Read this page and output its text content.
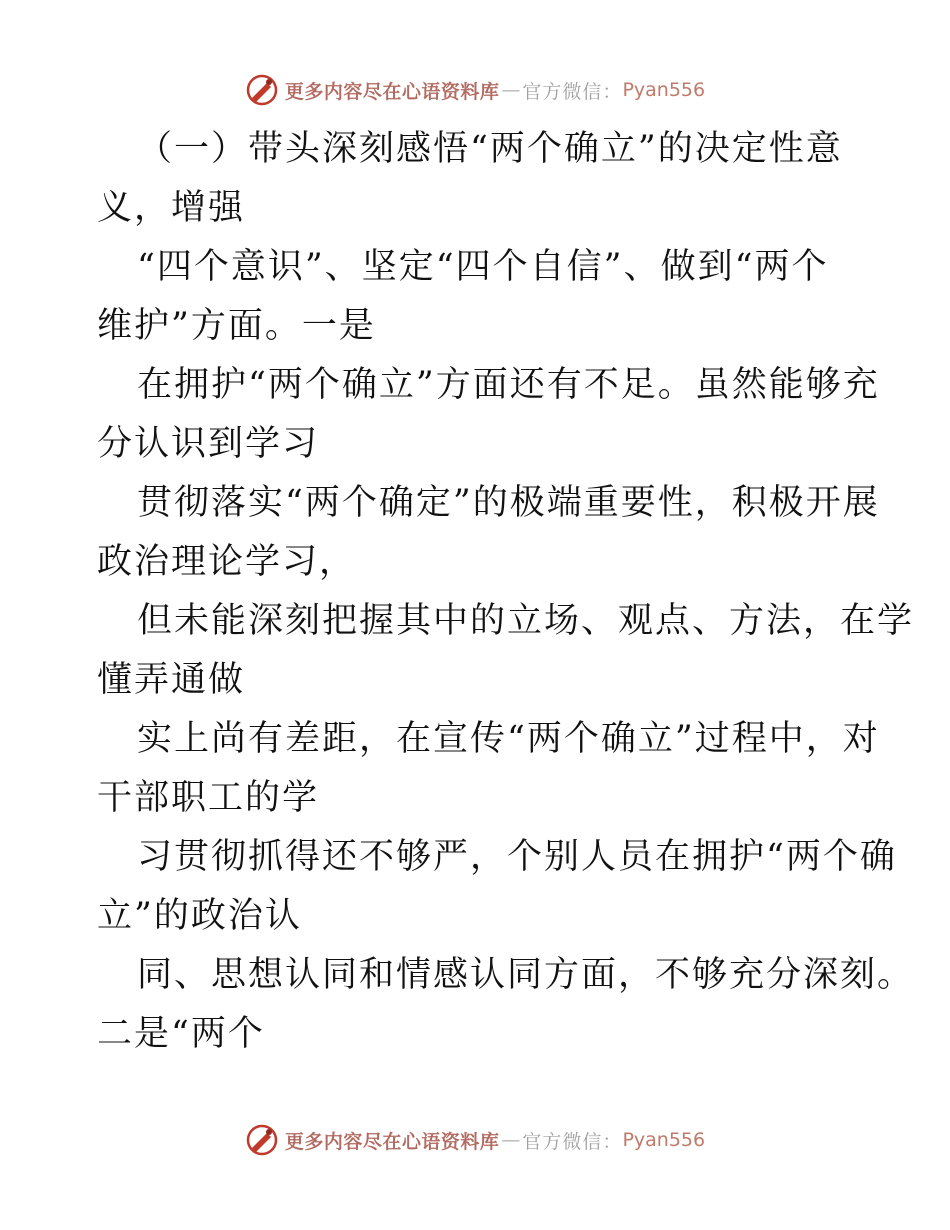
更多内容尽在心语资料库 — 官方微信： Pyan556
（一）带头深刻感悟“两个确立”的决定性意
义，增强
“四个意识”、坚定“四个自信”、做到“两个
维护”方面。一是
在拥护“两个确立”方面还有不足。虽然能够充
分认识到学习
贯彻落实“两个确定”的极端重要性，积极开展
政治理论学习，
但未能深刻把握其中的立场、观点、方法，在学
懂弄通做
实上尚有差距，在宣传“两个确立”过程中，对
干部职工的学
习贯彻抓得还不够严，个别人员在拥护“两个确
立”的政治认
同、思想认同和情感认同方面，不够充分深刻。
二是“两个
更多内容尽在心语资料库 — 官方微信： Pyan556
